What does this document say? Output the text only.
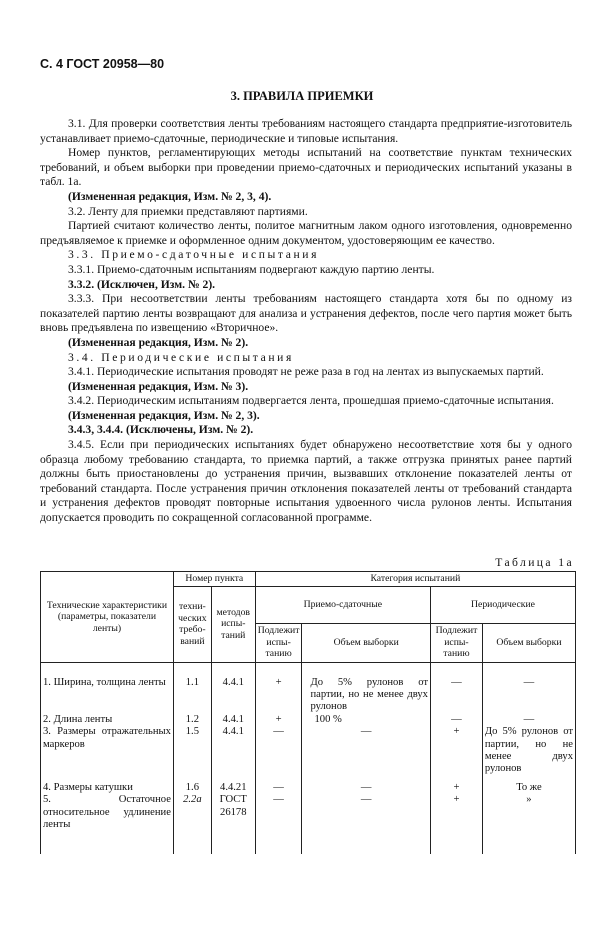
С. 4 ГОСТ 20958—80
3. ПРАВИЛА ПРИЕМКИ

3.1. Для проверки соответствия ленты требованиям настоящего стандарта предприятие-изготовитель устанавливает приемо-сдаточные, периодические и типовые испытания.

Номер пунктов, регламентирующих методы испытаний на соответствие пунктам технических требований, и объем выборки при проведении приемо-сдаточных и периодических испытаний указаны в табл. 1а.

(Измененная редакция, Изм. № 2, 3, 4).

3.2. Ленту для приемки представляют партиями.

Партией считают количество ленты, политое магнитным лаком одного изготовления, одновременно предъявляемое к приемке и оформленное одним документом, удостоверяющим ее качество.

3.3. Приемо-сдаточные испытания

3.3.1. Приемо-сдаточным испытаниям подвергают каждую партию ленты.

3.3.2. (Исключен, Изм. № 2).

3.3.3. При несоответствии ленты требованиям настоящего стандарта хотя бы по одному из показателей партию ленты возвращают для анализа и устранения дефектов, после чего партия может быть вновь предъявлена по извещению «Вторичное».

(Измененная редакция, Изм. № 2).

3.4. Периодические испытания

3.4.1. Периодические испытания проводят не реже раза в год на лентах из выпускаемых партий.

(Измененная редакция, Изм. № 3).

3.4.2. Периодическим испытаниям подвергается лента, прошедшая приемо-сдаточные испытания.

(Измененная редакция, Изм. № 2, 3).

3.4.3, 3.4.4. (Исключены, Изм. № 2).

3.4.5. Если при периодических испытаниях будет обнаружено несоответствие хотя бы у одного образца любому требованию стандарта, то приемка партий, а также отгрузка принятых ранее партий должны быть приостановлены до устранения причин, вызвавших отклонение показателей ленты от требований стандарта. После устранения причин отклонения показателей ленты от требований стандарта и устранения дефектов проводят повторные испытания удвоенного числа рулонов ленты. Испытания допускается проводить по сокращенной согласованной программе.

Таблица 1а
Технические характеристики (параметры, показатели ленты)	Номер пункта		Категория испытаний			
	техни-ческих требо-ваний	методов испы-таний	Приемо-сдаточные		Периодические	
			Подлежит испы-танию	Объем выборки	Подлежит испы-танию	Объем выборки
1. Ширина, толщина ленты	1.1	4.4.1	+	До 5% рулонов от партии, но не менее двух рулонов	—	—
2. Длина ленты	1.2	4.4.1	+	100 %	—	—
3. Размеры отражательных маркеров	1.5	4.4.1	—	—	+	До 5% рулонов от партии, но не менее двух рулонов
4. Размеры катушки	1.6	4.4.21	—	—	+	То же
5. Остаточное относительное удлинение ленты	2.2а	ГОСТ 26178	—	—	+	»
